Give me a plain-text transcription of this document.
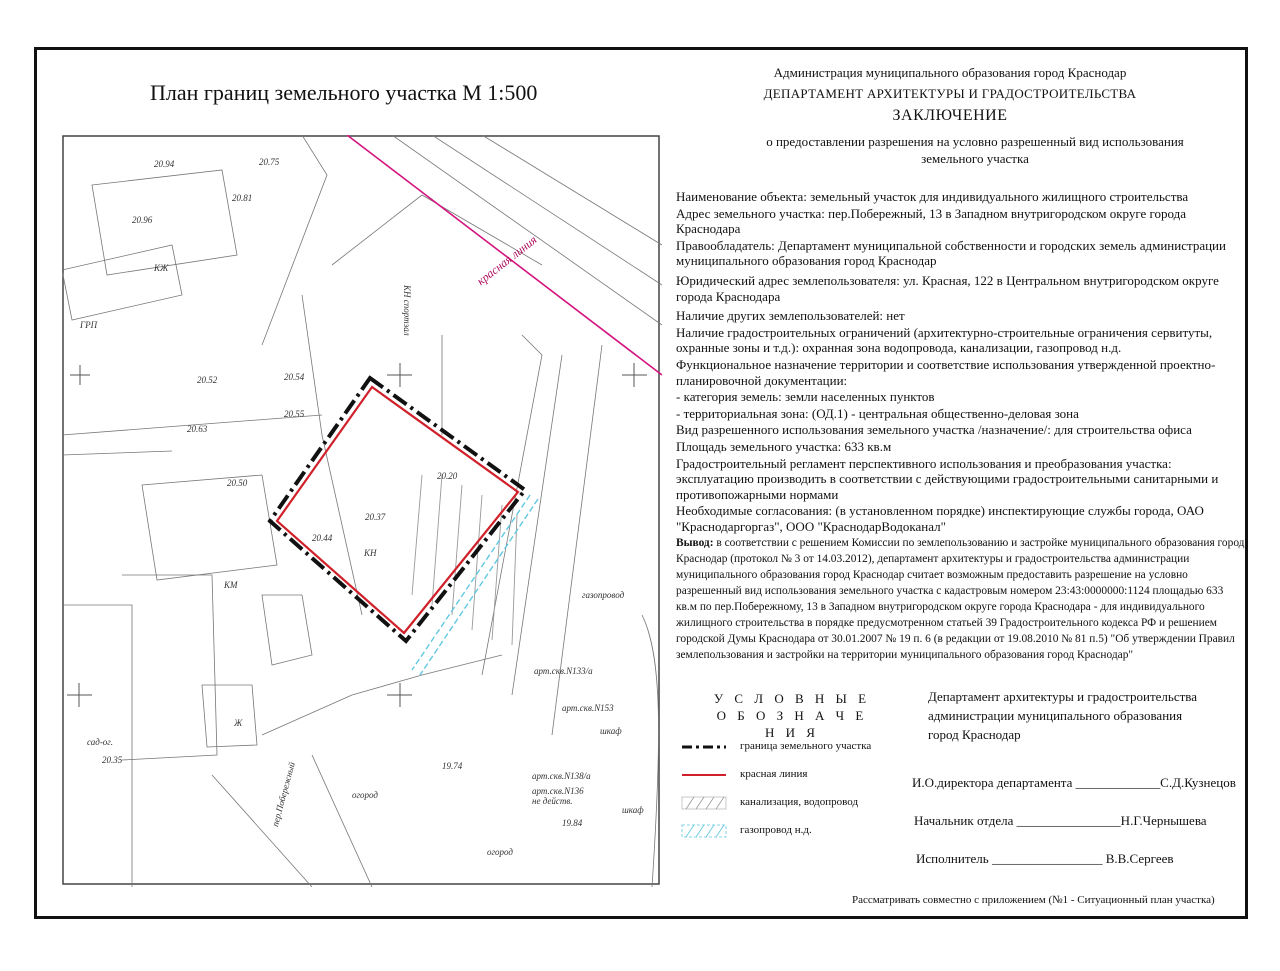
План границ земельного участка М 1:500
красная линия
КН спортзал
КН
КЖ
КМ
огород
огород
сад-ог.
20.20
20.37
20.44
20.52	20.54
20.55
20.63
20.50
20.35
19.84
19.74
20.75
20.81
20.94
20.96
арт.скв.N133/а
арт.скв.N153
арт.скв.N138/а
арт.скв.N136
не действ.
шкаф
шкаф
газопровод
ГРП
Ж
пер.Побережный
Администрация муниципального образования город Краснодар
ДЕПАРТАМЕНТ АРХИТЕКТУРЫ И ГРАДОСТРОИТЕЛЬСТВА
ЗАКЛЮЧЕНИЕ
о предоставлении разрешения на условно разрешенный вид использования
земельного участка

Наименование объекта: земельный участок для индивидуального жилищного строительства

Адрес земельного участка: пер.Побережный, 13 в Западном внутригородском округе города Краснодара

Правообладатель: Департамент муниципальной собственности и городских земель администрации муниципального образования город Краснодар

Юридический адрес землепользователя: ул. Красная, 122 в Центральном внутригородском округе города Краснодара

Наличие других землепользователей: нет

Наличие градостроительных ограничений (архитектурно-строительные ограничения сервитуты, охранные зоны и т.д.): охранная зона водопровода, канализации, газопровод н.д.

Функциональное назначение территории и соответствие использования утвержденной проектно-планировочной документации:

- категория земель: земли населенных пунктов

- территориальная зона: (ОД.1) - центральная общественно-деловая зона

Вид разрешенного использования земельного участка /назначение/: для строительства офиса

Площадь земельного участка: 633 кв.м

Градостроительный регламент перспективного использования и преобразования участка: эксплуатацию производить в соответствии с действующими градостроительными санитарными и противопожарными нормами

Необходимые согласования: (в установленном порядке) инспектирующие службы города, ОАО "Краснодаргоргаз", ООО "КраснодарВодоканал"

Вывод: в соответствии с решением Комиссии по землепользованию и застройке муниципального образования город Краснодар (протокол № 3 от 14.03.2012), департамент архитектуры и градостроительства администрации муниципального образования город Краснодар считает возможным предоставить разрешение на условно разрешенный вид использования земельного участка с кадастровым номером 23:43:0000000:1124 площадью 633 кв.м по пер.Побережному, 13 в Западном внутригородском округе города Краснодара - для индивидуального жилищного строительства в порядке предусмотренном статьей 39 Градостроительного кодекса РФ и решением городской Думы Краснодара от 30.01.2007 № 19 п. 6 (в редакции от 19.08.2010 № 81 п.5) "Об утверждении Правил землепользования и застройки на территории муниципального образования город Краснодар"

У С Л О В Н Ы Е
О Б О З Н А Ч Е Н И Я
граница земельного участка
красная линия
канализация, водопровод
газопровод н.д.
Департамент архитектуры и градостроительства
администрации муниципального образования
город Краснодар
И.О.директора департамента _____________С.Д.Кузнецов
Начальник отдела ________________Н.Г.Чернышева
Исполнитель _________________ В.В.Сергеев
Рассматривать совместно с приложением (№1 - Ситуационный план участка)
